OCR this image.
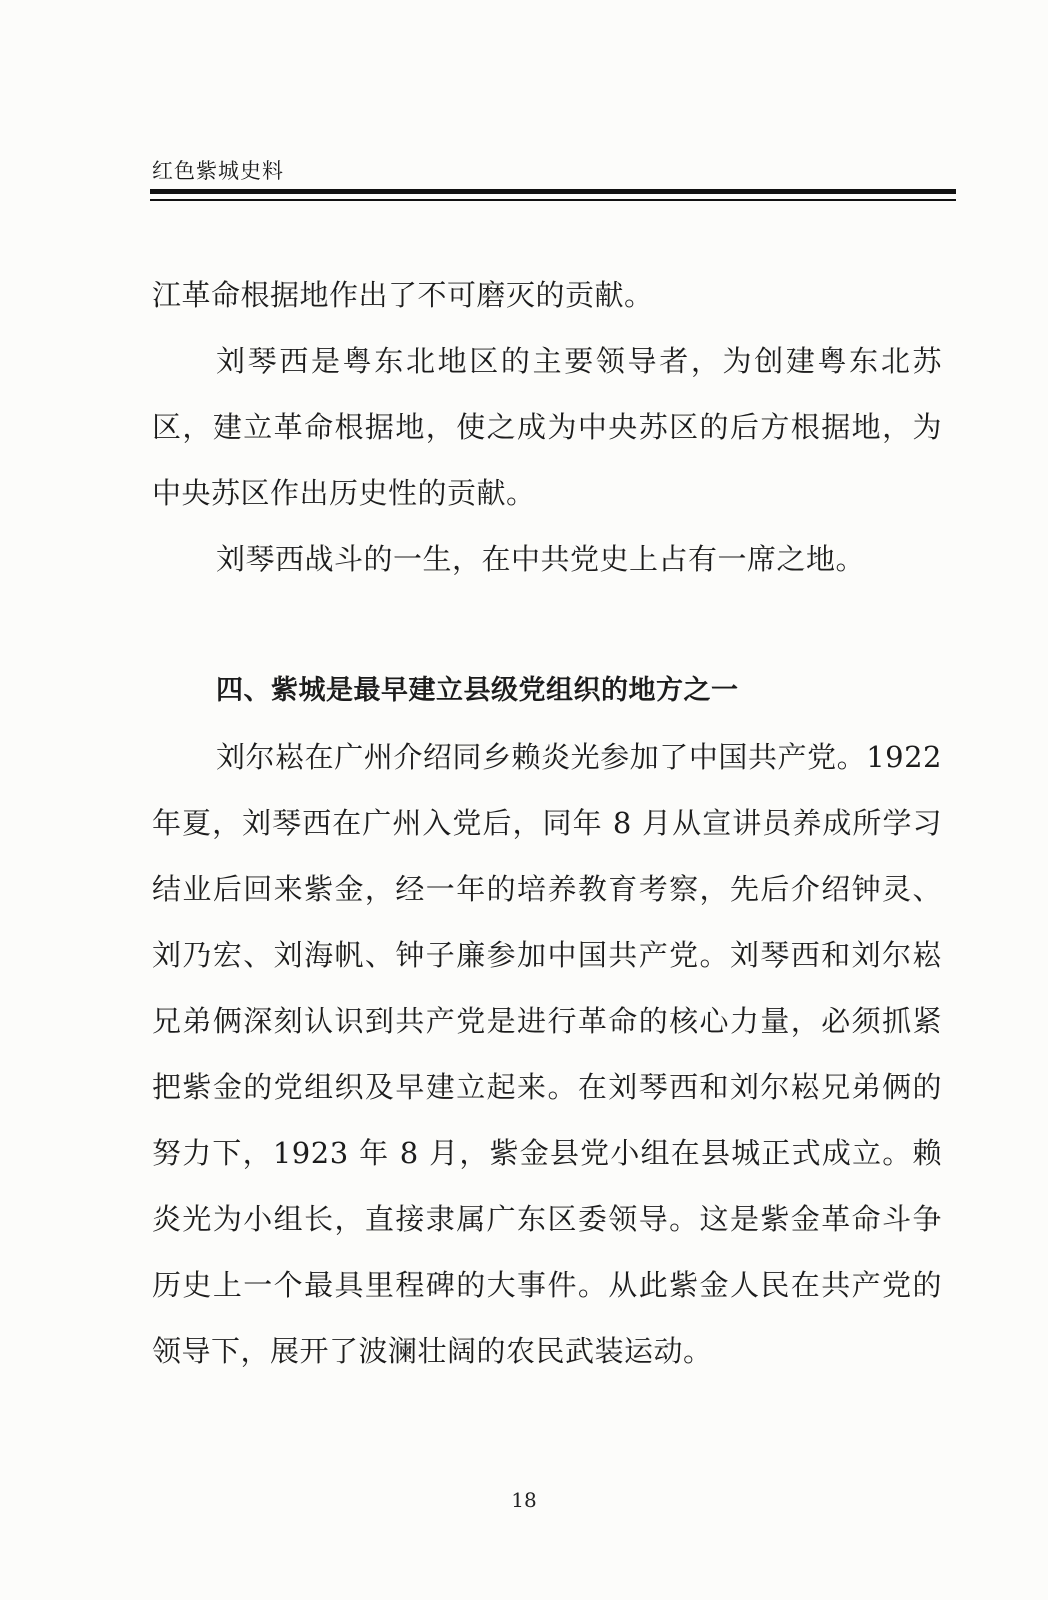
红色紫城史料

江革命根据地作出了不可磨灭的贡献。

刘琴西是粤东北地区的主要领导者，为创建粤东北苏区，建立革命根据地，使之成为中央苏区的后方根据地，为中央苏区作出历史性的贡献。

刘琴西战斗的一生，在中共党史上占有一席之地。

四、紫城是最早建立县级党组织的地方之一

刘尔崧在广州介绍同乡赖炎光参加了中国共产党。1922 年夏，刘琴西在广州入党后，同年 8 月从宣讲员养成所学习结业后回来紫金，经一年的培养教育考察，先后介绍钟灵、刘乃宏、刘海帆、钟子廉参加中国共产党。刘琴西和刘尔崧兄弟俩深刻认识到共产党是进行革命的核心力量，必须抓紧把紫金的党组织及早建立起来。在刘琴西和刘尔崧兄弟俩的努力下，1923 年 8 月，紫金县党小组在县城正式成立。赖炎光为小组长，直接隶属广东区委领导。这是紫金革命斗争历史上一个最具里程碑的大事件。从此紫金人民在共产党的领导下，展开了波澜壮阔的农民武装运动。

18
